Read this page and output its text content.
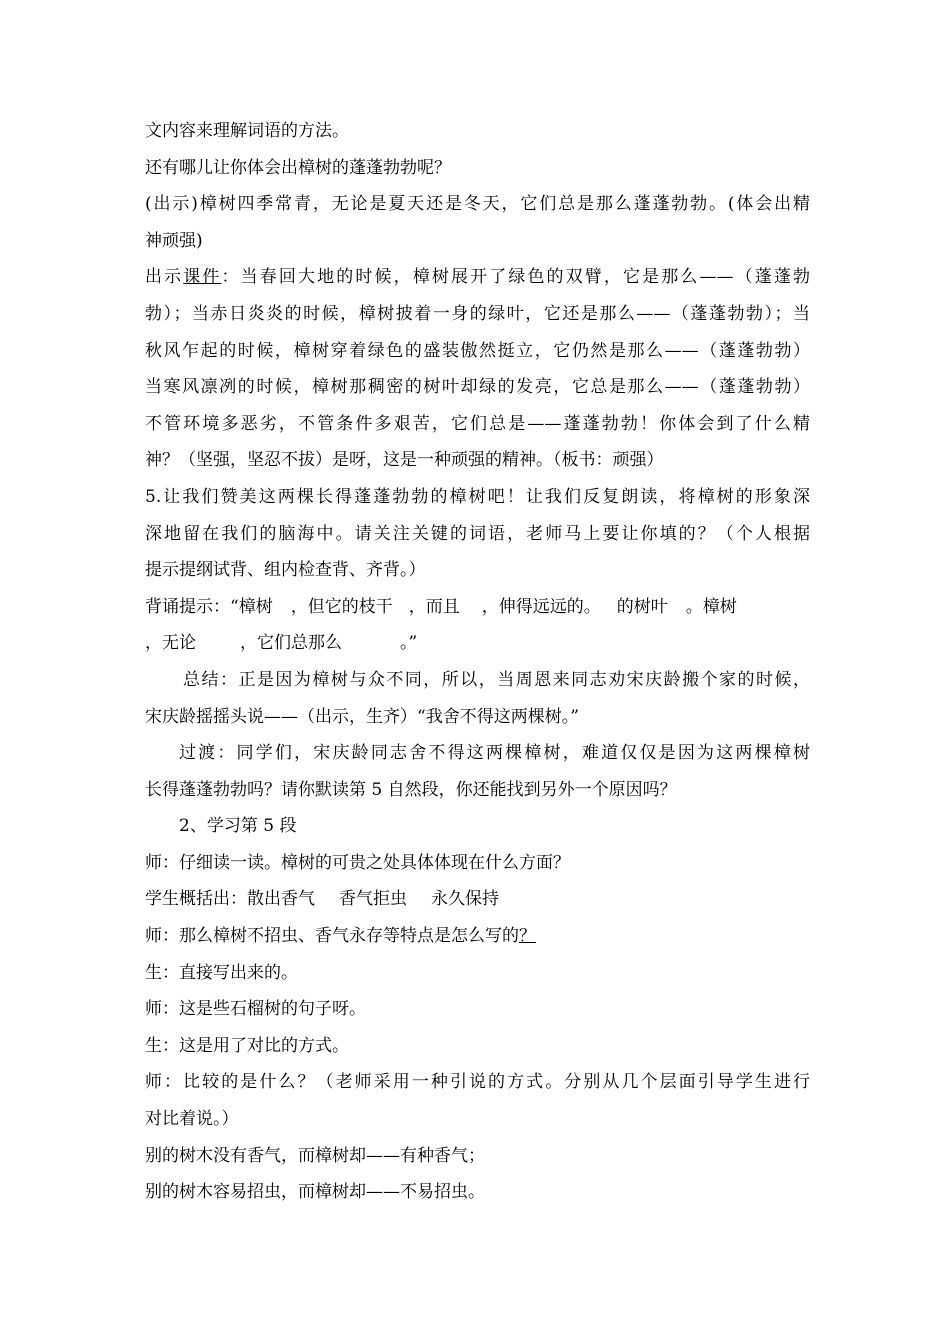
文内容来理解词语的方法。

还有哪儿让你体会出樟树的蓬蓬勃勃呢？

(出示)樟树四季常青，无论是夏天还是冬天，它们总是那么蓬蓬勃勃。(体会出精

神顽强)

出示课件：当春回大地的时候，樟树展开了绿色的双臂，它是那么——（蓬蓬勃

勃）；当赤日炎炎的时候，樟树披着一身的绿叶，它还是那么——（蓬蓬勃勃）；当

秋风乍起的时候，樟树穿着绿色的盛装傲然挺立，它仍然是那么——（蓬蓬勃勃）

当寒风凛冽的时候，樟树那稠密的树叶却绿的发亮，它总是那么——（蓬蓬勃勃）

不管环境多恶劣，不管条件多艰苦，它们总是——蓬蓬勃勃！你体会到了什么精

神？（坚强，坚忍不拔）是呀，这是一种顽强的精神。（板书：顽强）

5.让我们赞美这两棵长得蓬蓬勃勃的樟树吧！让我们反复朗读，将樟树的形象深

深地留在我们的脑海中。请关注关键的词语，老师马上要让你填的？（个人根据

提示提纲试背、组内检查背、齐背。）

背诵提示：“樟树 ，但它的枝干 ，而且 ，伸得远远的。 的树叶 。樟树

，无论	，它们总那么	。”

总结：正是因为樟树与众不同，所以，当周恩来同志劝宋庆龄搬个家的时候，

宋庆龄摇摇头说——（出示，生齐）“我舍不得这两棵树。”

过渡：同学们，宋庆龄同志舍不得这两棵樟树，难道仅仅是因为这两棵樟树

长得蓬蓬勃勃吗？请你默读第 5 自然段，你还能找到另外一个原因吗？

2、学习第 5 段

师：仔细读一读。樟树的可贵之处具体体现在什么方面？

学生概括出：散出香气 香气拒虫 永久保持

师：那么樟树不招虫、香气永存等特点是怎么写的？

生：直接写出来的。

师：这是些石榴树的句子呀。

生：这是用了对比的方式。

师：比较的是什么？（老师采用一种引说的方式。分别从几个层面引导学生进行

对比着说。）

别的树木没有香气，而樟树却——有种香气；

别的树木容易招虫，而樟树却——不易招虫。
